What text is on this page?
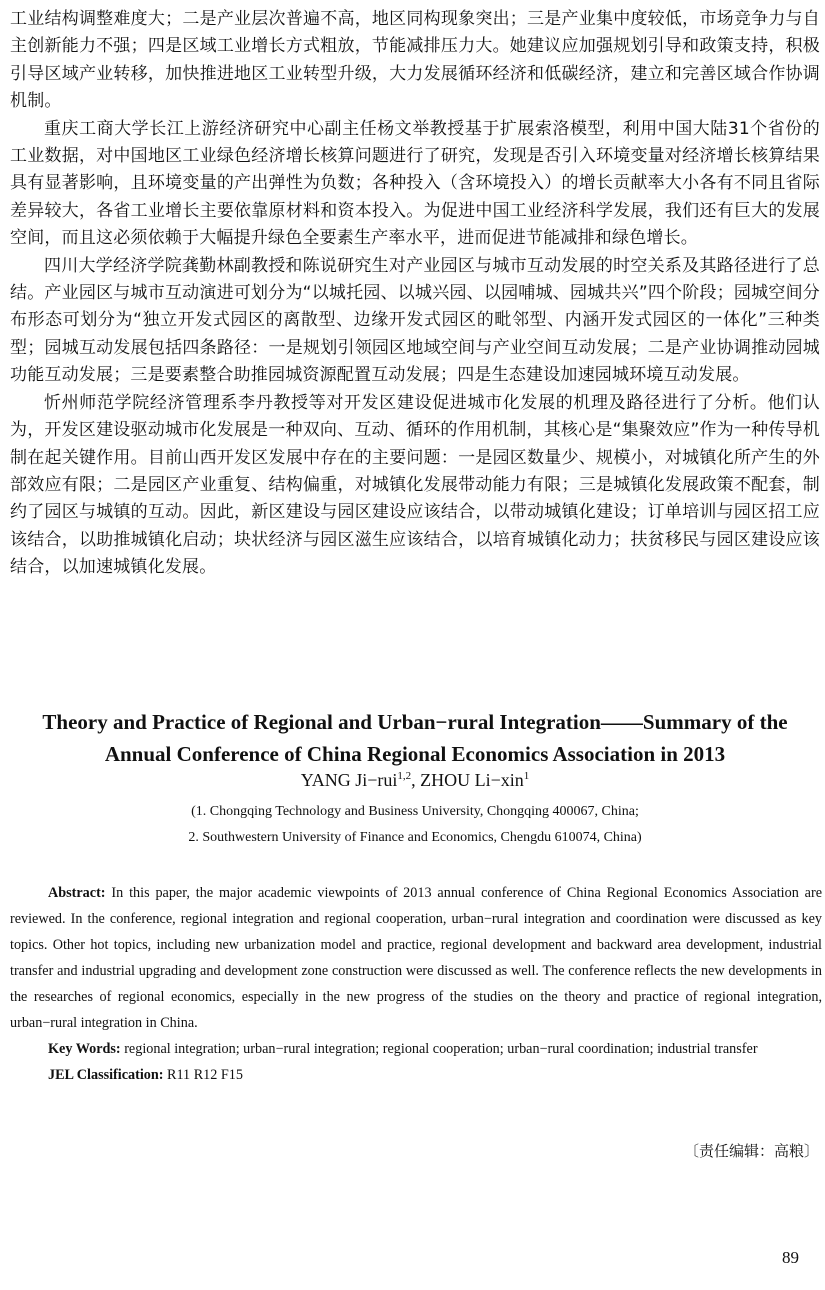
工业结构调整难度大；二是产业层次普遍不高，地区同构现象突出；三是产业集中度较低，市场竞争力与自主创新能力不强；四是区域工业增长方式粗放，节能减排压力大。她建议应加强规划引导和政策支持，积极引导区域产业转移，加快推进地区工业转型升级，大力发展循环经济和低碳经济，建立和完善区域合作协调机制。

重庆工商大学长江上游经济研究中心副主任杨文举教授基于扩展索洛模型，利用中国大陆31个省份的工业数据，对中国地区工业绿色经济增长核算问题进行了研究，发现是否引入环境变量对经济增长核算结果具有显著影响，且环境变量的产出弹性为负数；各种投入（含环境投入）的增长贡献率大小各有不同且省际差异较大，各省工业增长主要依靠原材料和资本投入。为促进中国工业经济科学发展，我们还有巨大的发展空间，而且这必须依赖于大幅提升绿色全要素生产率水平，进而促进节能减排和绿色增长。

四川大学经济学院龚勤林副教授和陈说研究生对产业园区与城市互动发展的时空关系及其路径进行了总结。产业园区与城市互动演进可划分为“以城托园、以城兴园、以园哺城、园城共兴”四个阶段；园城空间分布形态可划分为“独立开发式园区的离散型、边缘开发式园区的毗邻型、内涵开发式园区的一体化”三种类型；园城互动发展包括四条路径：一是规划引领园区地域空间与产业空间互动发展；二是产业协调推动园城功能互动发展；三是要素整合助推园城资源配置互动发展；四是生态建设加速园城环境互动发展。

忻州师范学院经济管理系李丹教授等对开发区建设促进城市化发展的机理及路径进行了分析。他们认为，开发区建设驱动城市化发展是一种双向、互动、循环的作用机制，其核心是“集聚效应”作为一种传导机制在起关键作用。目前山西开发区发展中存在的主要问题：一是园区数量少、规模小，对城镇化所产生的外部效应有限；二是园区产业重复、结构偏重，对城镇化发展带动能力有限；三是城镇化发展政策不配套，制约了园区与城镇的互动。因此，新区建设与园区建设应该结合，以带动城镇化建设；订单培训与园区招工应该结合，以助推城镇化启动；块状经济与园区滋生应该结合，以培育城镇化动力；扶贫移民与园区建设应该结合，以加速城镇化发展。

Theory and Practice of Regional and Urban−rural Integration——Summary of the Annual Conference of China Regional Economics Association in 2013

YANG Ji−rui$^{1,2}$, ZHOU Li−xin$^1$

(1. Chongqing Technology and Business University, Chongqing 400067, China;

2. Southwestern University of Finance and Economics, Chengdu 610074, China)

Abstract: In this paper, the major academic viewpoints of 2013 annual conference of China Regional Economics Association are reviewed. In the conference, regional integration and regional cooperation, urban−rural integration and coordination were discussed as key topics. Other hot topics, including new urbanization model and practice, regional development and backward area development, industrial transfer and industrial upgrading and development zone construction were discussed as well. The conference reflects the new developments in the researches of regional economics, especially in the new progress of the studies on the theory and practice of regional integration, urban−rural integration in China.

Key Words: regional integration; urban−rural integration; regional cooperation; urban−rural coordination; industrial transfer

JEL Classification: R11 R12 F15

〔责任编辑：高粮〕

89
